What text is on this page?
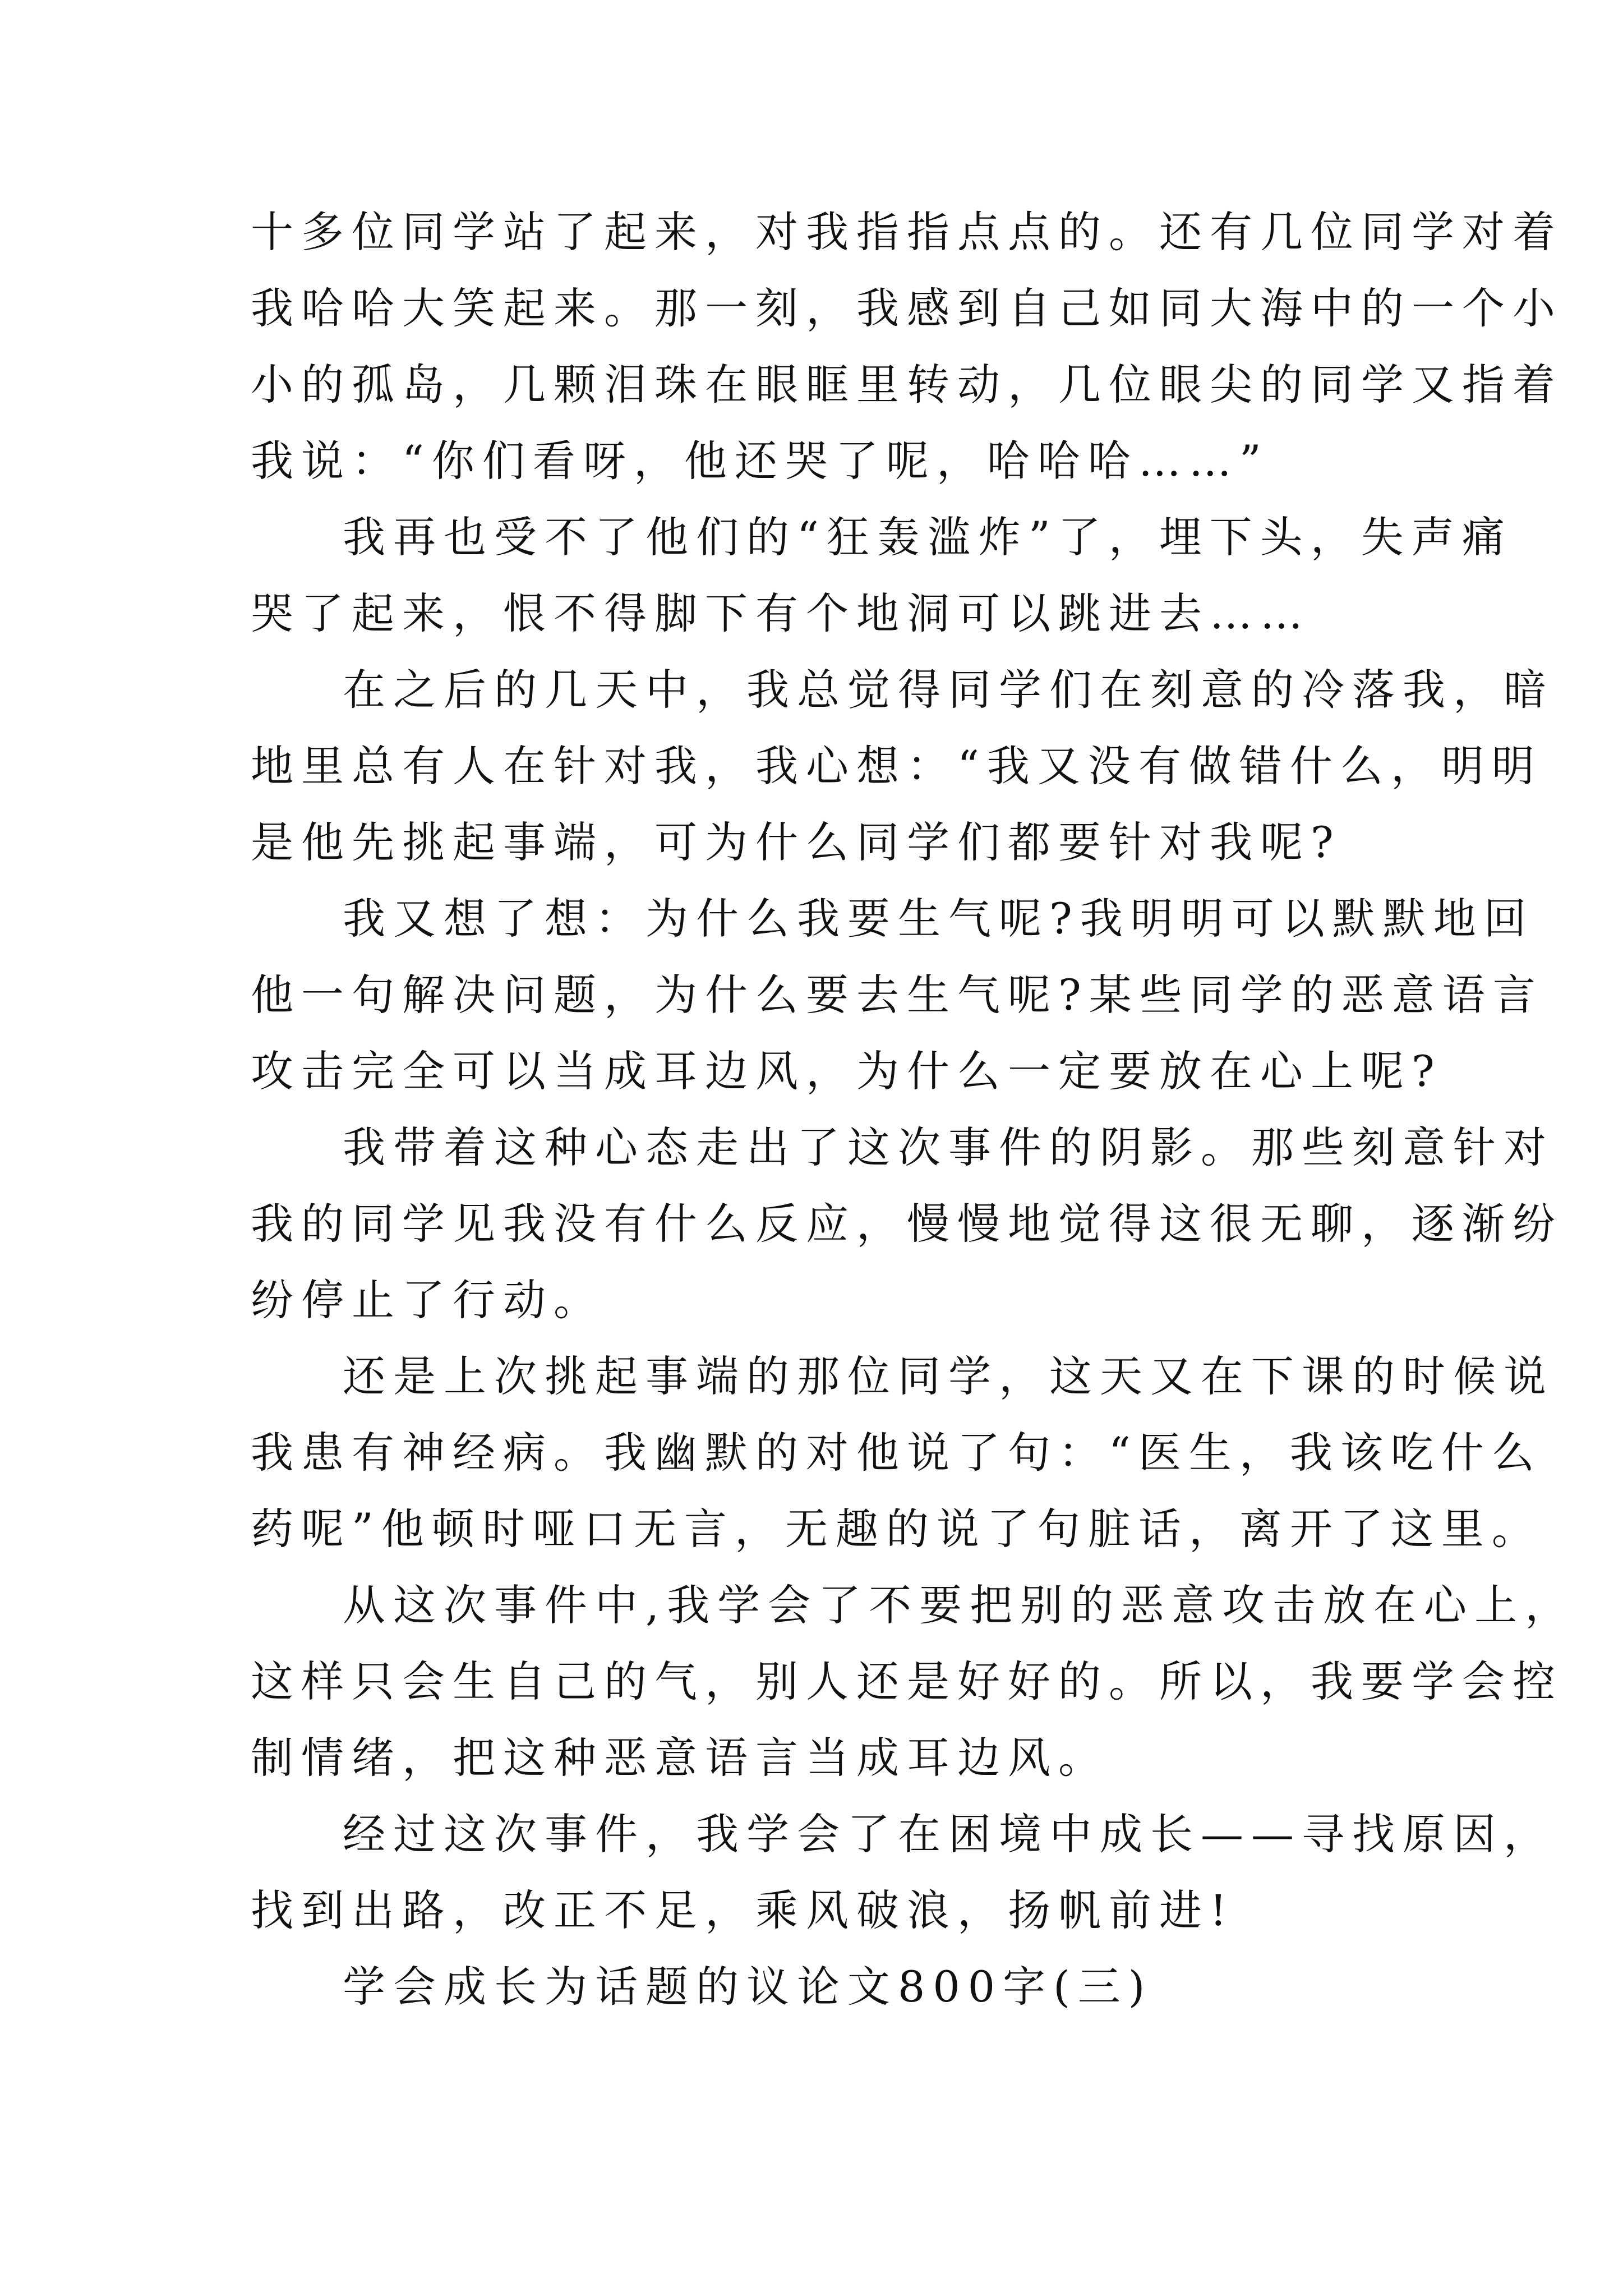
十多位同学站了起来，对我指指点点的。还有几位同学对着
我哈哈大笑起来。那一刻，我感到自己如同大海中的一个小
小的孤岛，几颗泪珠在眼眶里转动，几位眼尖的同学又指着
我说：“你们看呀，他还哭了呢，哈哈哈……”
我再也受不了他们的“狂轰滥炸”了，埋下头，失声痛
哭了起来，恨不得脚下有个地洞可以跳进去……
在之后的几天中，我总觉得同学们在刻意的冷落我，暗
地里总有人在针对我，我心想：“我又没有做错什么，明明
是他先挑起事端，可为什么同学们都要针对我呢?
我又想了想：为什么我要生气呢?我明明可以默默地回
他一句解决问题，为什么要去生气呢?某些同学的恶意语言
攻击完全可以当成耳边风，为什么一定要放在心上呢?
我带着这种心态走出了这次事件的阴影。那些刻意针对
我的同学见我没有什么反应，慢慢地觉得这很无聊，逐渐纷
纷停止了行动。
还是上次挑起事端的那位同学，这天又在下课的时候说
我患有神经病。我幽默的对他说了句：“医生，我该吃什么
药呢”他顿时哑口无言，无趣的说了句脏话，离开了这里。
从这次事件中,我学会了不要把别的恶意攻击放在心上，
这样只会生自己的气，别人还是好好的。所以，我要学会控
制情绪，把这种恶意语言当成耳边风。
经过这次事件，我学会了在困境中成长——寻找原因，
找到出路，改正不足，乘风破浪，扬帆前进!
学会成长为话题的议论文800字(三)
